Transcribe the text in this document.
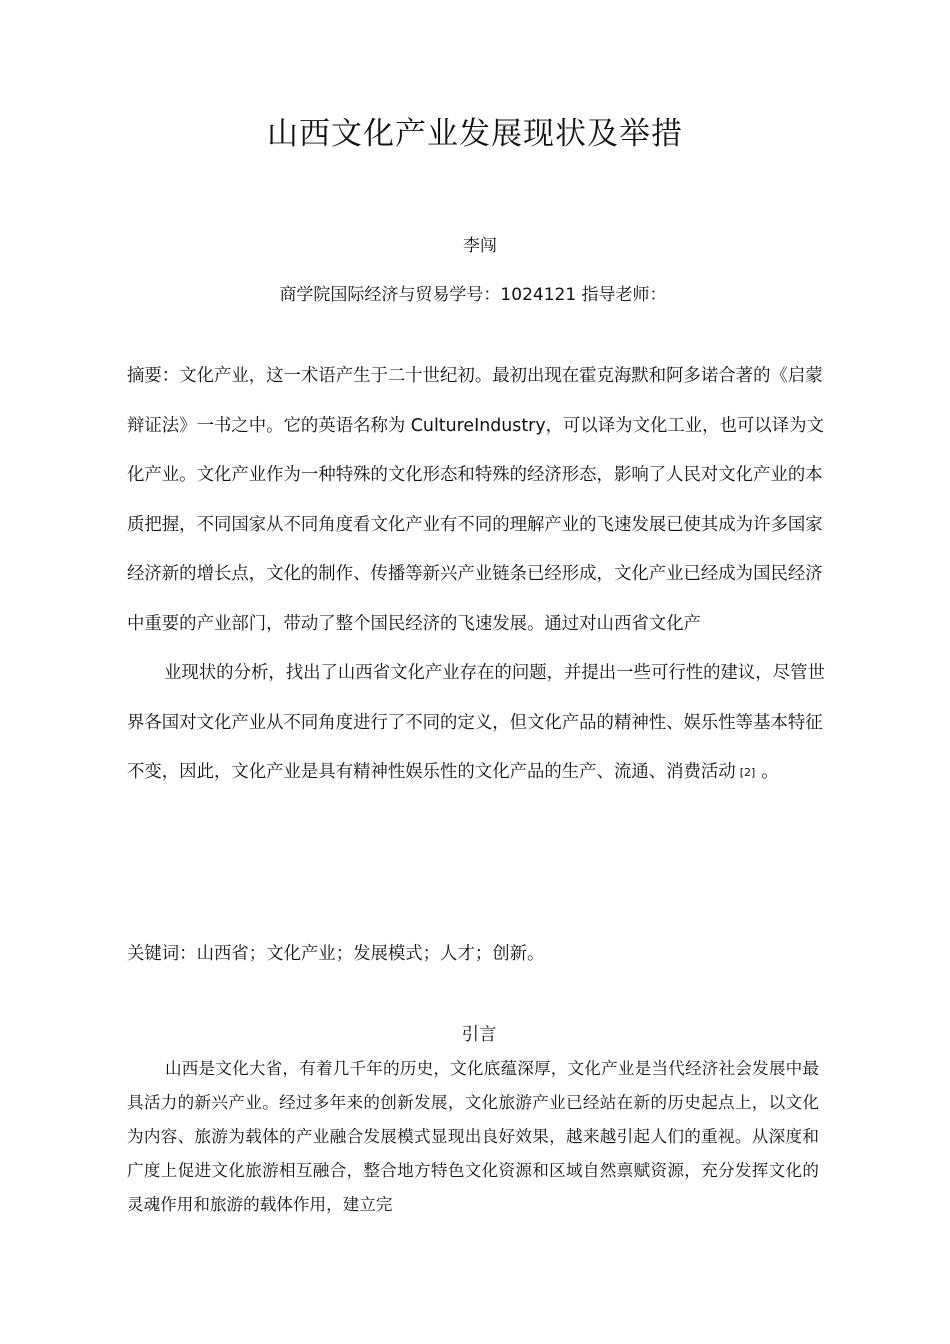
山西文化产业发展现状及举措
李闯
商学院国际经济与贸易学号：1024121 指导老师：

摘要：文化产业，这一术语产生于二十世纪初。最初出现在霍克海默和阿多诺合著的《启蒙辩证法》一书之中。它的英语名称为 CultureIndustry，可以译为文化工业，也可以译为文化产业。文化产业作为一种特殊的文化形态和特殊的经济形态，影响了人民对文化产业的本质把握，不同国家从不同角度看文化产业有不同的理解产业的飞速发展已使其成为许多国家经济新的增长点，文化的制作、传播等新兴产业链条已经形成，文化产业已经成为国民经济中重要的产业部门，带动了整个国民经济的飞速发展。通过对山西省文化产

业现状的分析，找出了山西省文化产业存在的问题，并提出一些可行性的建议，尽管世界各国对文化产业从不同角度进行了不同的定义，但文化产品的精神性、娱乐性等基本特征不变，因此，文化产业是具有精神性娱乐性的文化产品的生产、流通、消费活动 [2] 。

关键词：山西省；文化产业；发展模式；人才；创新。
引言

山西是文化大省，有着几千年的历史，文化底蕴深厚，文化产业是当代经济社会发展中最具活力的新兴产业。经过多年来的创新发展，文化旅游产业已经站在新的历史起点上，以文化为内容、旅游为载体的产业融合发展模式显现出良好效果，越来越引起人们的重视。从深度和广度上促进文化旅游相互融合，整合地方特色文化资源和区域自然禀赋资源，充分发挥文化的灵魂作用和旅游的载体作用，建立完
